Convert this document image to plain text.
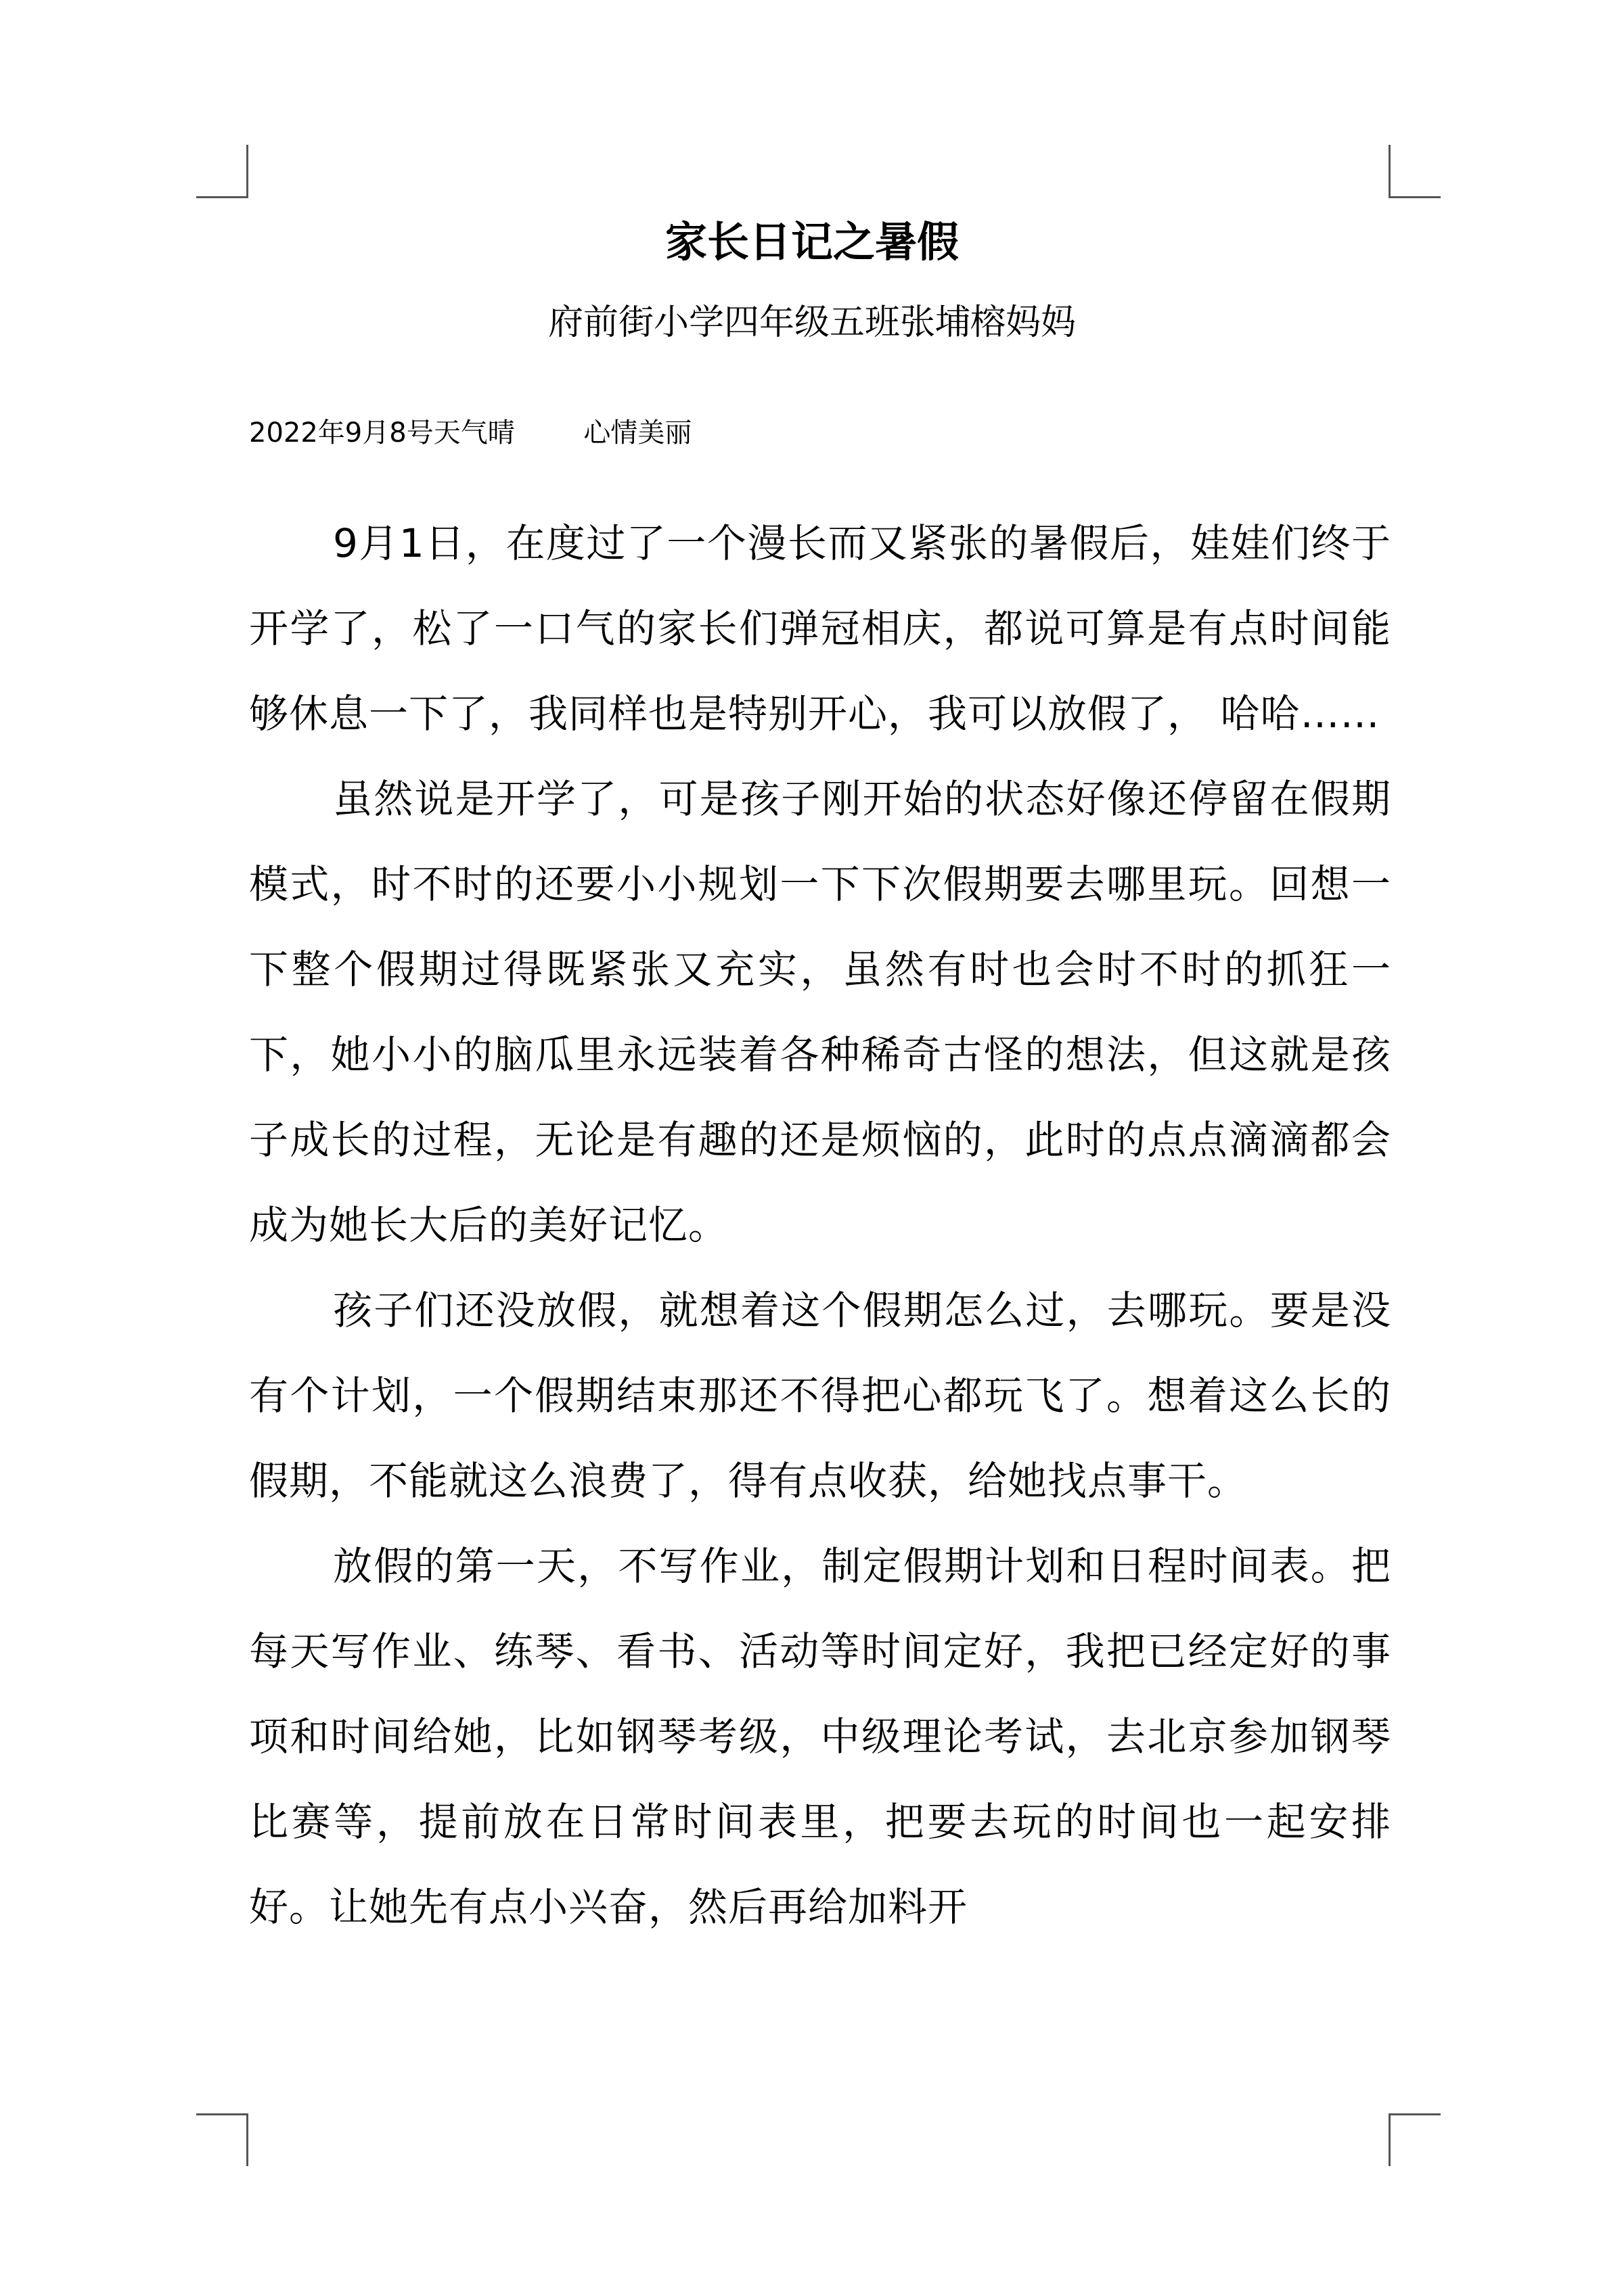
家长日记之暑假
府前街小学四年级五班张埔榕妈妈
2022年9月8号天气晴        心情美丽

9月1日，在度过了一个漫长而又紧张的暑假后，娃娃们终于开学了，松了一口气的家长们弹冠相庆，都说可算是有点时间能够休息一下了，我同样也是特别开心，我可以放假了， 哈哈……

虽然说是开学了，可是孩子刚开始的状态好像还停留在假期模式，时不时的还要小小规划一下下次假期要去哪里玩。回想一下整个假期过得既紧张又充实，虽然有时也会时不时的抓狂一下，她小小的脑瓜里永远装着各种稀奇古怪的想法，但这就是孩子成长的过程，无论是有趣的还是烦恼的，此时的点点滴滴都会成为她长大后的美好记忆。

孩子们还没放假，就想着这个假期怎么过，去哪玩。要是没有个计划，一个假期结束那还不得把心都玩飞了。想着这么长的假期，不能就这么浪费了，得有点收获，给她找点事干。

放假的第一天，不写作业，制定假期计划和日程时间表。把每天写作业、练琴、看书、活动等时间定好，我把已经定好的事项和时间给她，比如钢琴考级，中级理论考试，去北京参加钢琴比赛等，提前放在日常时间表里，把要去玩的时间也一起安排好。让她先有点小兴奋，然后再给加料开
